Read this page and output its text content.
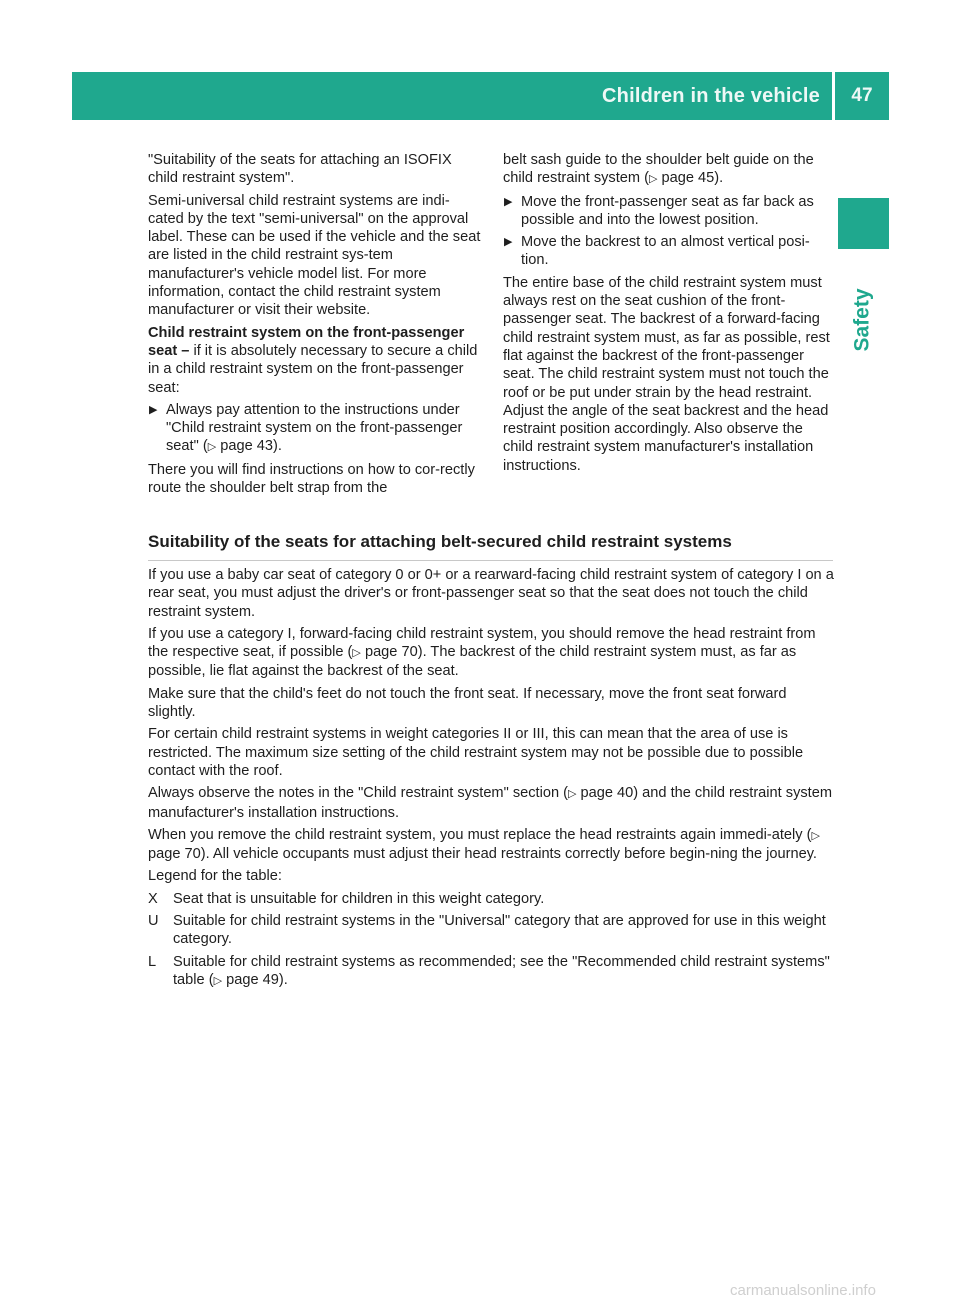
Children in the vehicle	47
Safety

"Suitability of the seats for attaching an ISOFIX child restraint system".

Semi-universal child restraint systems are indi-cated by the text "semi-universal" on the approval label. These can be used if the vehicle and the seat are listed in the child restraint sys-tem manufacturer's vehicle model list. For more information, contact the child restraint system manufacturer or visit their website.

Child restraint system on the front-passenger seat – if it is absolutely necessary to secure a child in a child restraint system on the front-passenger seat:

▶ Always pay attention to the instructions under "Child restraint system on the front-passenger seat" (▷ page 43).

There you will find instructions on how to cor-rectly route the shoulder belt strap from the

belt sash guide to the shoulder belt guide on the child restraint system (▷ page 45).

▶ Move the front-passenger seat as far back as possible and into the lowest position.
▶ Move the backrest to an almost vertical posi-tion.

The entire base of the child restraint system must always rest on the seat cushion of the front-passenger seat. The backrest of a forward-facing child restraint system must, as far as possible, rest flat against the backrest of the front-passenger seat. The child restraint system must not touch the roof or be put under strain by the head restraint. Adjust the angle of the seat backrest and the head restraint position accordingly. Also observe the child restraint system manufacturer's installation instructions.

Suitability of the seats for attaching belt-secured child restraint systems

If you use a baby car seat of category 0 or 0+ or a rearward-facing child restraint system of category I on a rear seat, you must adjust the driver's or front-passenger seat so that the seat does not touch the child restraint system.

If you use a category I, forward-facing child restraint system, you should remove the head restraint from the respective seat, if possible (▷ page 70). The backrest of the child restraint system must, as far as possible, lie flat against the backrest of the seat.

Make sure that the child's feet do not touch the front seat. If necessary, move the front seat forward slightly.

For certain child restraint systems in weight categories II or III, this can mean that the area of use is restricted. The maximum size setting of the child restraint system may not be possible due to possible contact with the roof.

Always observe the notes in the "Child restraint system" section (▷ page 40) and the child restraint system manufacturer's installation instructions.

When you remove the child restraint system, you must replace the head restraints again immedi-ately (▷ page 70). All vehicle occupants must adjust their head restraints correctly before begin-ning the journey.

Legend for the table:

X	Seat that is unsuitable for children in this weight category.
U Suitable for child restraint systems in the "Universal" category that are approved for use in this weight category.
L	Suitable for child restraint systems as recommended; see the "Recommended child restraint systems" table (▷ page 49).
carmanualsonline.info
